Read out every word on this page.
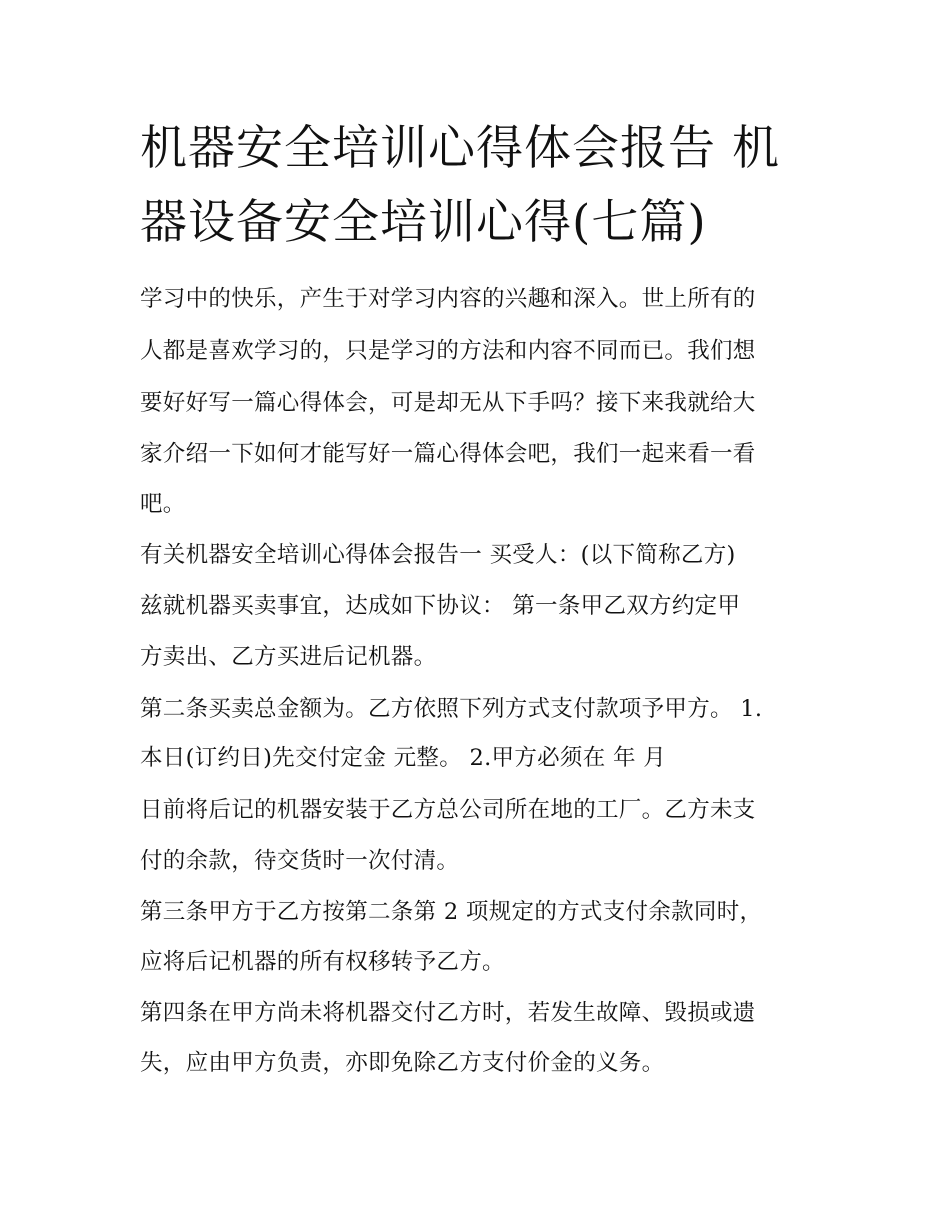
机器安全培训心得体会报告 机
器设备安全培训心得(七篇)

学习中的快乐，产生于对学习内容的兴趣和深入。世上所有的

人都是喜欢学习的，只是学习的方法和内容不同而已。我们想

要好好写一篇心得体会，可是却无从下手吗？接下来我就给大

家介绍一下如何才能写好一篇心得体会吧，我们一起来看一看

吧。

有关机器安全培训心得体会报告一 买受人：(以下简称乙方)

兹就机器买卖事宜，达成如下协议： 第一条甲乙双方约定甲

方卖出、乙方买进后记机器。

第二条买卖总金额为。乙方依照下列方式支付款项予甲方。 1.

本日(订约日)先交付定金 元整。 2.甲方必须在 年 月

日前将后记的机器安装于乙方总公司所在地的工厂。乙方未支

付的余款，待交货时一次付清。

第三条甲方于乙方按第二条第 2 项规定的方式支付余款同时，

应将后记机器的所有权移转予乙方。

第四条在甲方尚未将机器交付乙方时，若发生故障、毁损或遗

失，应由甲方负责，亦即免除乙方支付价金的义务。
